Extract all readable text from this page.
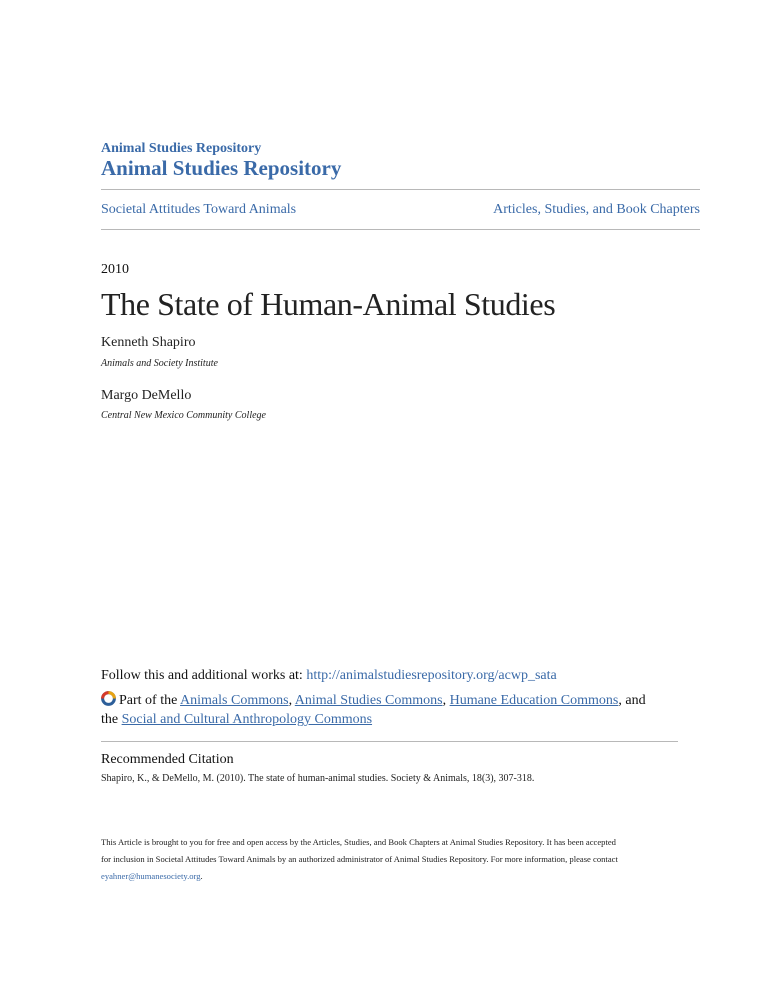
Animal Studies Repository
Animal Studies Repository
Societal Attitudes Toward Animals	Articles, Studies, and Book Chapters
2010
The State of Human-Animal Studies
Kenneth Shapiro
Animals and Society Institute
Margo DeMello
Central New Mexico Community College
Follow this and additional works at: http://animalstudiesrepository.org/acwp_sata
Part of the Animals Commons, Animal Studies Commons, Humane Education Commons, and
the Social and Cultural Anthropology Commons
Recommended Citation
Shapiro, K., & DeMello, M. (2010). The state of human-animal studies. Society & Animals, 18(3), 307-318.
This Article is brought to you for free and open access by the Articles, Studies, and Book Chapters at Animal Studies Repository. It has been accepted
for inclusion in Societal Attitudes Toward Animals by an authorized administrator of Animal Studies Repository. For more information, please contact
eyahner@humanesociety.org.
